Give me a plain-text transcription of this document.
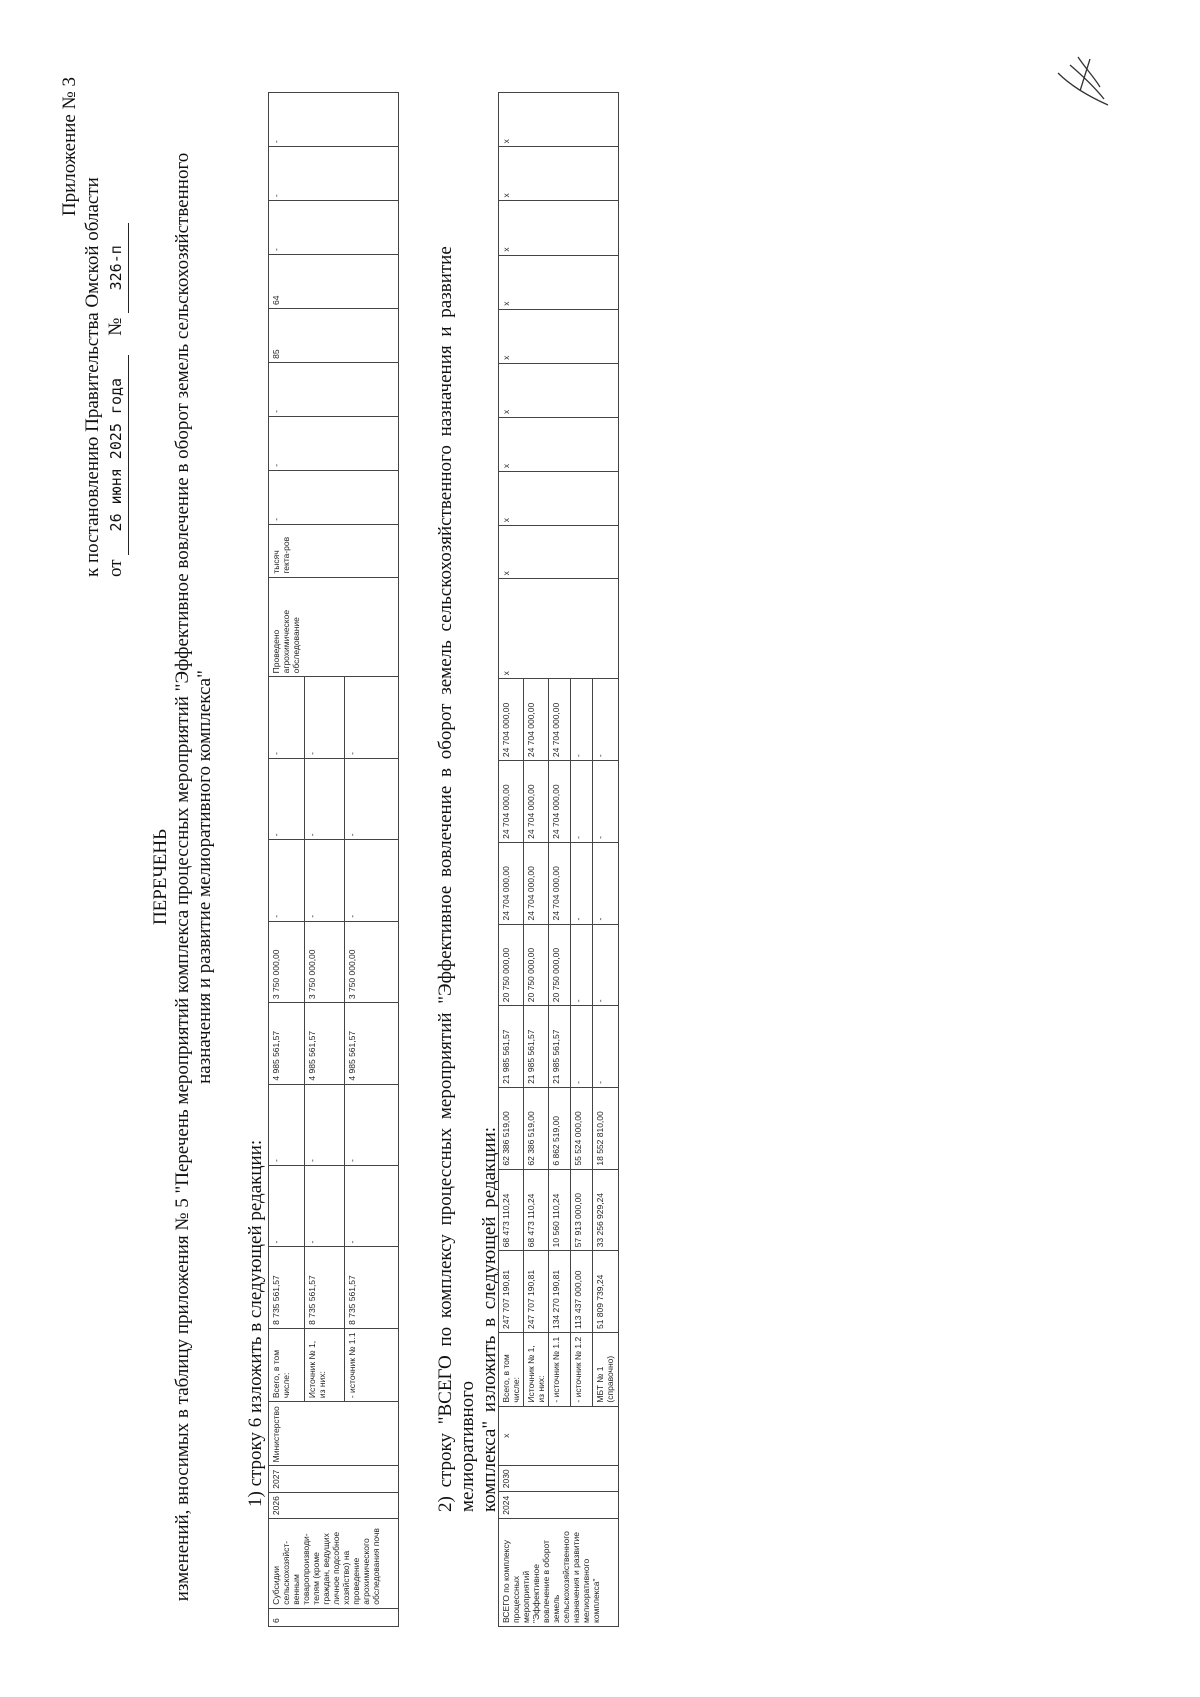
Приложение № 3
к постановлению Правительства Омской области от 26 июня 2025 года    № 326-п
ПЕРЕЧЕНЬ изменений, вносимых в таблицу приложения № 5 "Перечень мероприятий комплекса процессных мероприятий "Эффективное вовлечение в оборот земель сельскохозяйственного назначения и развитие мелиоративного комплекса"
1) строку 6 изложить в следующей редакции:
6	Субсидии сельскохозяйст-венным товаропроизводи-телям (кроме граждан, ведущих личное подсобное хозяйство) на проведение агрохимического обследования почв	2026	2027	Министерство	Всего, в том числе:	8 735 561,57	-	-	4 985 561,57	3 750 000,00	-	-	-	Проведено агрохимическое обследование	тысяч гекта-ров	-	-	-	85	64	-	-	-
					Источник № 1, из них:	8 735 561,57	-	-	4 985 561,57	3 750 000,00	-	-	-										
					- источник № 1.1	8 735 561,57	-	-	4 985 561,57	3 750 000,00	-	-	-											2) строку "ВСЕГО по комплексу процессных мероприятий "Эффективное вовлечение в оборот земель сельскохозяйственного назначения и развитие мелиоративного комплекса" изложить в следующей редакции:
ВСЕГО по комплексу процессных мероприятий "Эффективное вовлечение в оборот земель сельскохозяйственного назначения и развитие мелиоративного комплекса"	2024	2030	x	Всего, в том числе:	247 707 190,81	68 473 110,24	62 386 519,00	21 985 561,57	20 750 000,00	24 704 000,00	24 704 000,00	24 704 000,00	x	x	x	x	x	x	x	x	x	x
				Источник № 1, из них:	247 707 190,81	68 473 110,24	62 386 519,00	21 985 561,57	20 750 000,00	24 704 000,00	24 704 000,00	24 704 000,00										
				- источник № 1.1	134 270 190,81	10 560 110,24	6 862 519,00	21 985 561,57	20 750 000,00	24 704 000,00	24 704 000,00	24 704 000,00										
				- источник № 1.2	113 437 000,00	57 913 000,00	55 524 000,00	-	-	-	-	-										
				МБТ № 1 (справочно)	51 809 739,24	33 256 929,24	18 552 810,00	-	-	-	-	-										
